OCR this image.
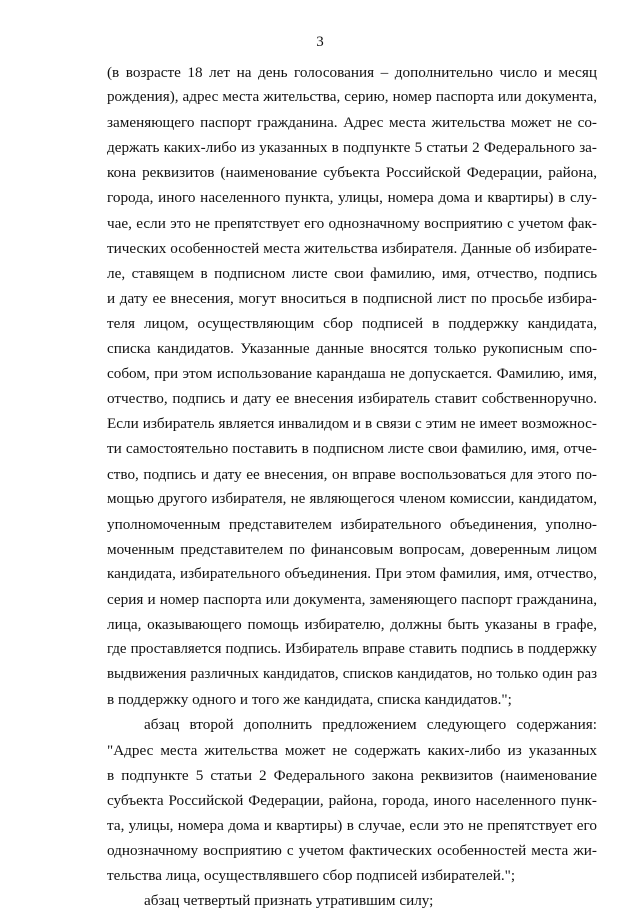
3
(в возрасте 18 лет на день голосования – дополнительно число и месяц
рождения), адрес места жительства, серию, номер паспорта или документа,
заменяющего паспорт гражданина. Адрес места жительства может не со-
держать каких-либо из указанных в подпункте 5 статьи 2 Федерального за-
кона реквизитов (наименование субъекта Российской Федерации, района,
города, иного населенного пункта, улицы, номера дома и квартиры) в слу-
чае, если это не препятствует его однозначному восприятию с учетом фак-
тических особенностей места жительства избирателя. Данные об избирате-
ле, ставящем в подписном листе свои фамилию, имя, отчество, подпись
и дату ее внесения, могут вноситься в подписной лист по просьбе избира-
теля лицом, осуществляющим сбор подписей в поддержку кандидата,
списка кандидатов. Указанные данные вносятся только рукописным спо-
собом, при этом использование карандаша не допускается. Фамилию, имя,
отчество, подпись и дату ее внесения избиратель ставит собственноручно.
Если избиратель является инвалидом и в связи с этим не имеет возможнос-
ти самостоятельно поставить в подписном листе свои фамилию, имя, отче-
ство, подпись и дату ее внесения, он вправе воспользоваться для этого по-
мощью другого избирателя, не являющегося членом комиссии, кандидатом,
уполномоченным представителем избирательного объединения, уполно-
моченным представителем по финансовым вопросам, доверенным лицом
кандидата, избирательного объединения. При этом фамилия, имя, отчество,
серия и номер паспорта или документа, заменяющего паспорт гражданина,
лица, оказывающего помощь избирателю, должны быть указаны в графе,
где проставляется подпись. Избиратель вправе ставить подпись в поддержку
выдвижения различных кандидатов, списков кандидатов, но только один раз
в поддержку одного и того же кандидата, списка кандидатов.";
абзац второй дополнить предложением следующего содержания:
"Адрес места жительства может не содержать каких-либо из указанных
в подпункте 5 статьи 2 Федерального закона реквизитов (наименование
субъекта Российской Федерации, района, города, иного населенного пунк-
та, улицы, номера дома и квартиры) в случае, если это не препятствует его
однозначному восприятию с учетом фактических особенностей места жи-
тельства лица, осуществлявшего сбор подписей избирателей.";
абзац четвертый признать утратившим силу;
